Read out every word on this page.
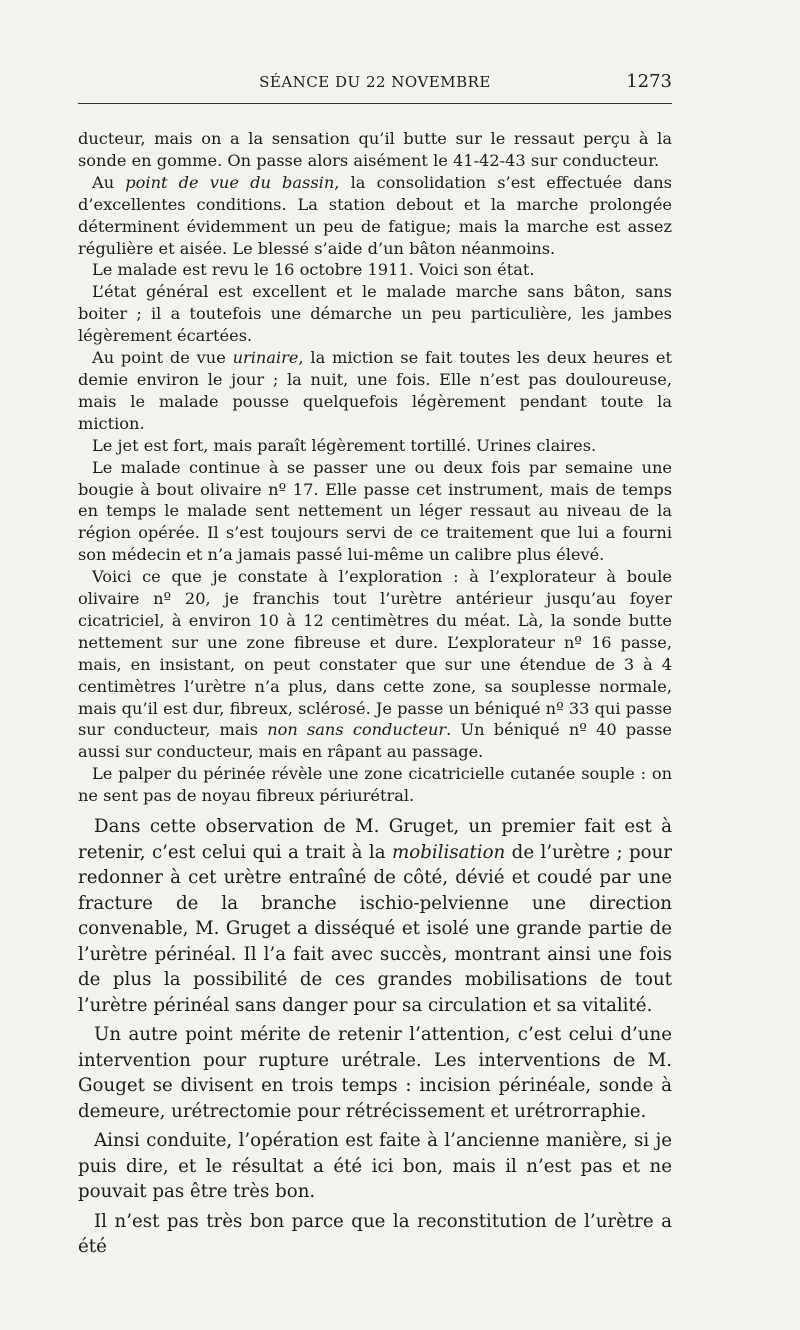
SÉANCE DU 22 NOVEMBRE	1273

ducteur, mais on a la sensation qu’il butte sur le ressaut perçu à la sonde en gomme. On passe alors aisément le 41-42-43 sur conducteur.

Au point de vue du bassin, la consolidation s’est effectuée dans d’excellentes conditions. La station debout et la marche prolongée déterminent évidemment un peu de fatigue; mais la marche est assez régulière et aisée. Le blessé s’aide d’un bâton néanmoins.

Le malade est revu le 16 octobre 1911. Voici son état.

L’état général est excellent et le malade marche sans bâton, sans boiter ; il a toutefois une démarche un peu particulière, les jambes légèrement écartées.

Au point de vue urinaire, la miction se fait toutes les deux heures et demie environ le jour ; la nuit, une fois. Elle n’est pas douloureuse, mais le malade pousse quelquefois légèrement pendant toute la miction.

Le jet est fort, mais paraît légèrement tortillé. Urines claires.

Le malade continue à se passer une ou deux fois par semaine une bougie à bout olivaire nº 17. Elle passe cet instrument, mais de temps en temps le malade sent nettement un léger ressaut au niveau de la région opérée. Il s’est toujours servi de ce traitement que lui a fourni son médecin et n’a jamais passé lui-même un calibre plus élevé.

Voici ce que je constate à l’exploration : à l’explorateur à boule olivaire nº 20, je franchis tout l’urètre antérieur jusqu’au foyer cicatriciel, à environ 10 à 12 centimètres du méat. Là, la sonde butte nettement sur une zone fibreuse et dure. L’explorateur nº 16 passe, mais, en insistant, on peut constater que sur une étendue de 3 à 4 centimètres l’urètre n’a plus, dans cette zone, sa souplesse normale, mais qu’il est dur, fibreux, sclérosé. Je passe un béniqué nº 33 qui passe sur conducteur, mais non sans conducteur. Un béniqué nº 40 passe aussi sur conducteur, mais en râpant au passage.

Le palper du périnée révèle une zone cicatricielle cutanée souple : on ne sent pas de noyau fibreux périurétral.

Dans cette observation de M. Gruget, un premier fait est à retenir, c’est celui qui a trait à la mobilisation de l’urètre ; pour redonner à cet urètre entraîné de côté, dévié et coudé par une fracture de la branche ischio-pelvienne une direction convenable, M. Gruget a disséqué et isolé une grande partie de l’urètre périnéal. Il l’a fait avec succès, montrant ainsi une fois de plus la possibilité de ces grandes mobilisations de tout l’urètre périnéal sans danger pour sa circulation et sa vitalité.

Un autre point mérite de retenir l’attention, c’est celui d’une intervention pour rupture urétrale. Les interventions de M. Gouget se divisent en trois temps : incision périnéale, sonde à demeure, urétrectomie pour rétrécissement et urétrorraphie.

Ainsi conduite, l’opération est faite à l’ancienne manière, si je puis dire, et le résultat a été ici bon, mais il n’est pas et ne pouvait pas être très bon.

Il n’est pas très bon parce que la reconstitution de l’urètre a été
